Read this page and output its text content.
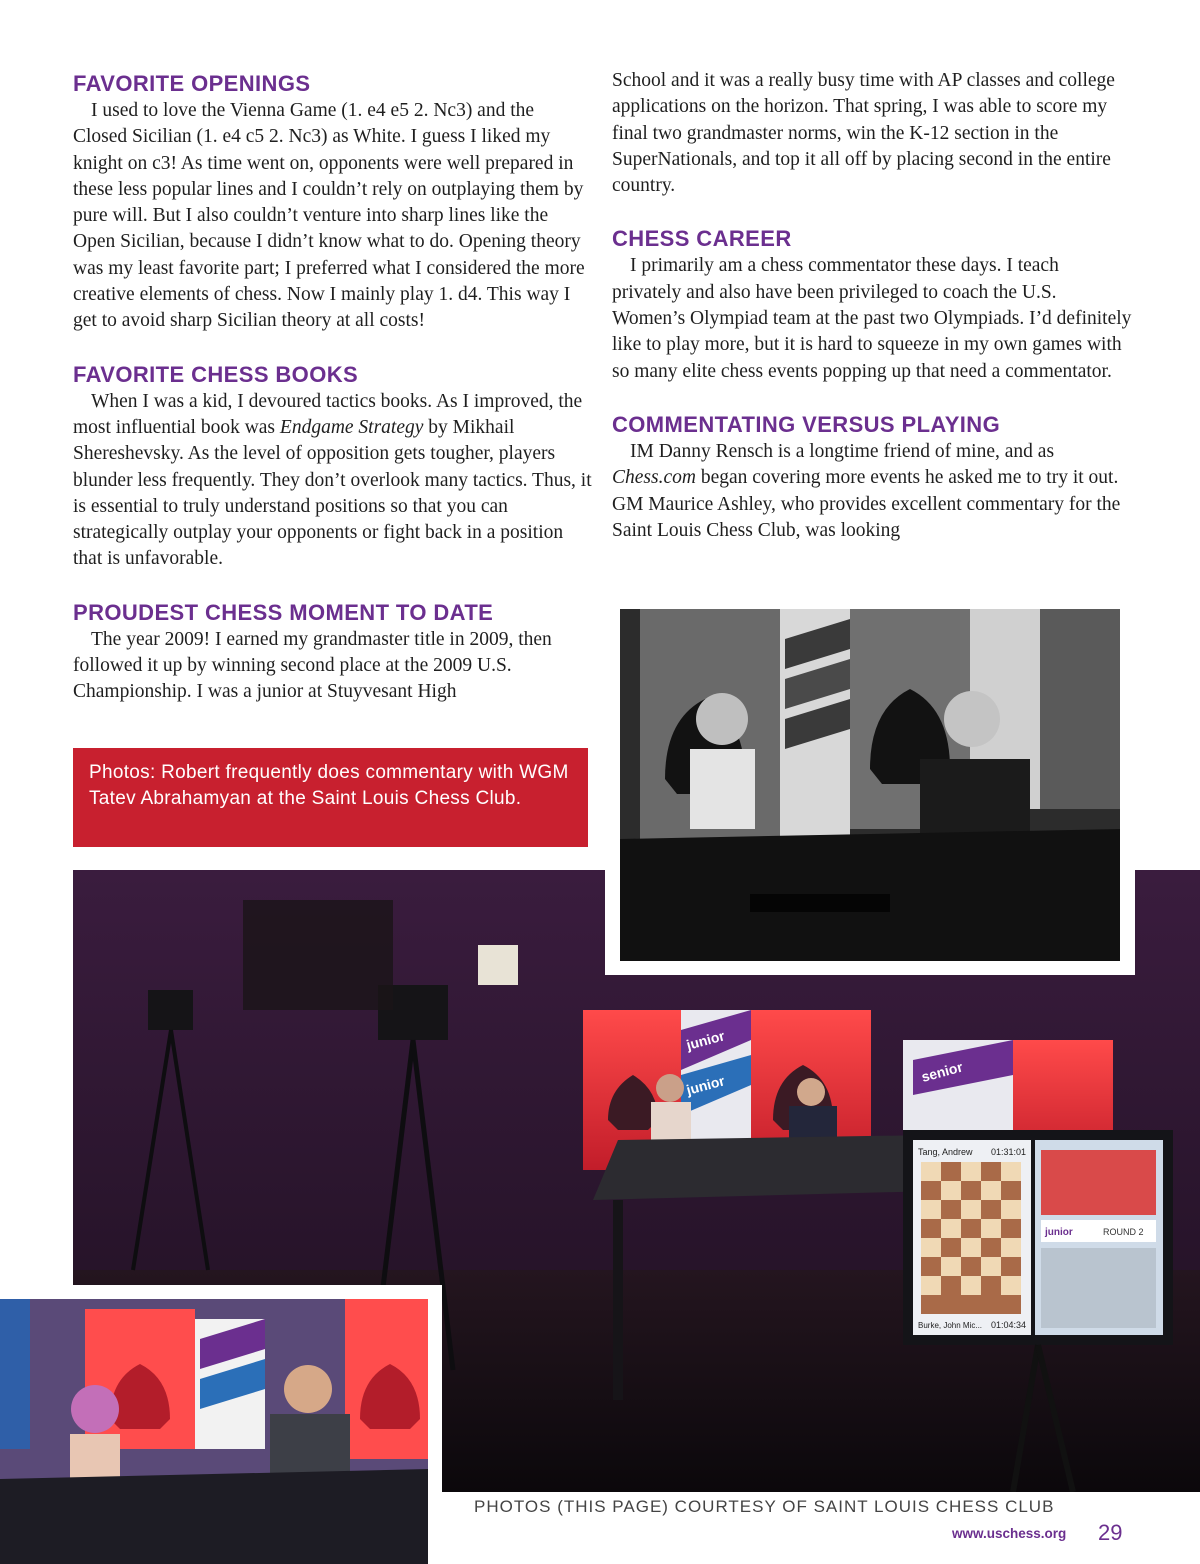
FAVORITE OPENINGS

I used to love the Vienna Game (1. e4 e5 2. Nc3) and the Closed Sicilian (1. e4 c5 2. Nc3) as White. I guess I liked my knight on c3! As time went on, opponents were well prepared in these less popular lines and I couldn’t rely on outplaying them by pure will. But I also couldn’t venture into sharp lines like the Open Sicilian, because I didn’t know what to do. Opening theory was my least favorite part; I preferred what I considered the more creative elements of chess. Now I mainly play 1. d4. This way I get to avoid sharp Sicilian theory at all costs!

FAVORITE CHESS BOOKS

When I was a kid, I devoured tactics books. As I improved, the most influential book was Endgame Strategy by Mikhail Shereshevsky. As the level of opposition gets tougher, players blunder less frequently. They don’t overlook many tactics. Thus, it is essential to truly understand positions so that you can strategically outplay your opponents or fight back in a position that is unfavorable.

PROUDEST CHESS MOMENT TO DATE

The year 2009! I earned my grandmaster title in 2009, then followed it up by winning second place at the 2009 U.S. Championship. I was a junior at Stuyvesant High

Photos: Robert frequently does commentary with WGM Tatev Abrahamyan at the Saint Louis Chess Club.

School and it was a really busy time with AP classes and college applications on the horizon. That spring, I was able to score my final two grandmaster norms, win the K-12 section in the SuperNationals, and top it all off by placing second in the entire country.

CHESS CAREER

I primarily am a chess commentator these days. I teach privately and also have been privileged to coach the U.S. Women’s Olympiad team at the past two Olympiads. I’d definitely like to play more, but it is hard to squeeze in my own games with so many elite chess events popping up that need a commentator.

COMMENTATING VERSUS PLAYING

IM Danny Rensch is a longtime friend of mine, and as Chess.com began covering more events he asked me to try it out. GM Maurice Ashley, who provides excellent commentary for the Saint Louis Chess Club, was looking

junior
junior
senior
Tang, Andrew 01:31:01
Burke, John Mic... 01:04:34
junior	ROUND 2
PHOTOS (THIS PAGE) COURTESY OF SAINT LOUIS CHESS CLUB
www.uschess.org 29
